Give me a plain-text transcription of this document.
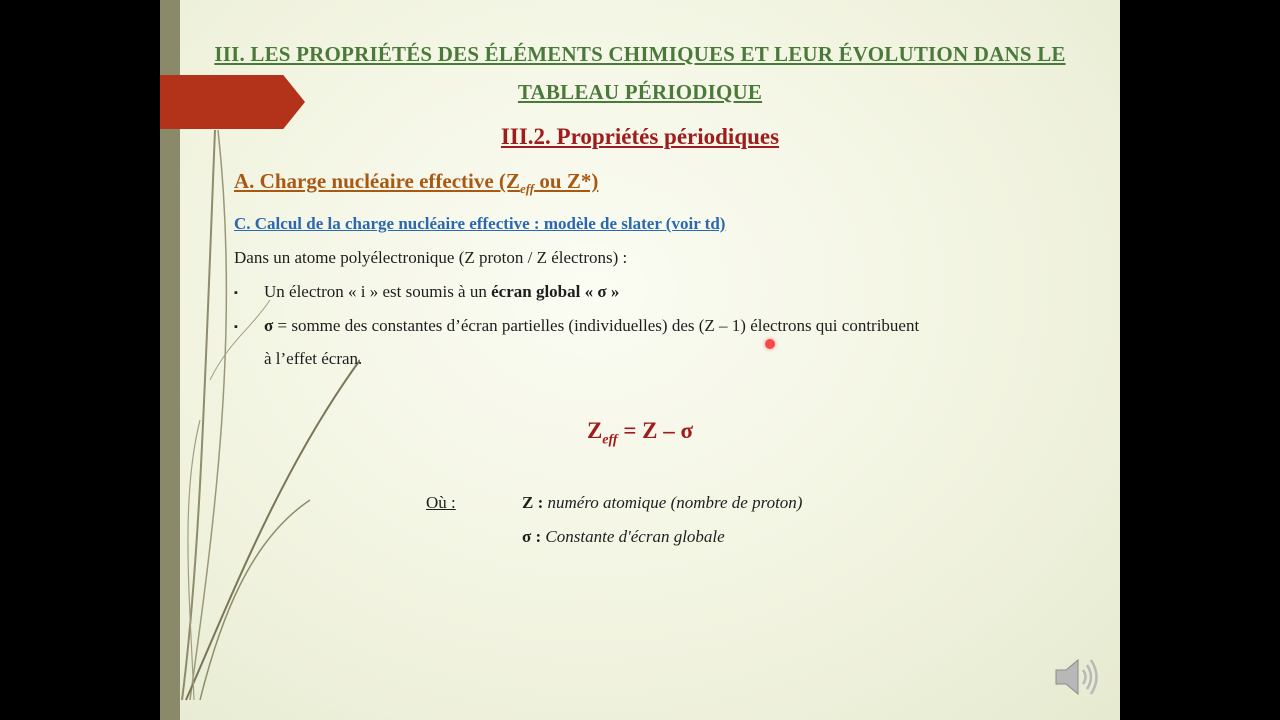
III. LES PROPRIÉTÉS DES ÉLÉMENTS CHIMIQUES ET LEUR ÉVOLUTION DANS LE
TABLEAU PÉRIODIQUE
III.2. Propriétés périodiques
A. Charge nucléaire effective ($Z_{eff}$ ou Z*)
C. Calcul de la charge nucléaire effective : modèle de slater (voir td)
Dans un atome polyélectronique (Z proton / Z électrons) :
▪ Un électron « i » est soumis à un écran global « σ »
▪ σ = somme des constantes d’écran partielles (individuelles) des (Z – 1) électrons qui contribuent
à l’effet écran.
$Z_{eff} = Z - \sigma$
Où :	Z : numéro atomique (nombre de proton)
σ : Constante d'écran globale
